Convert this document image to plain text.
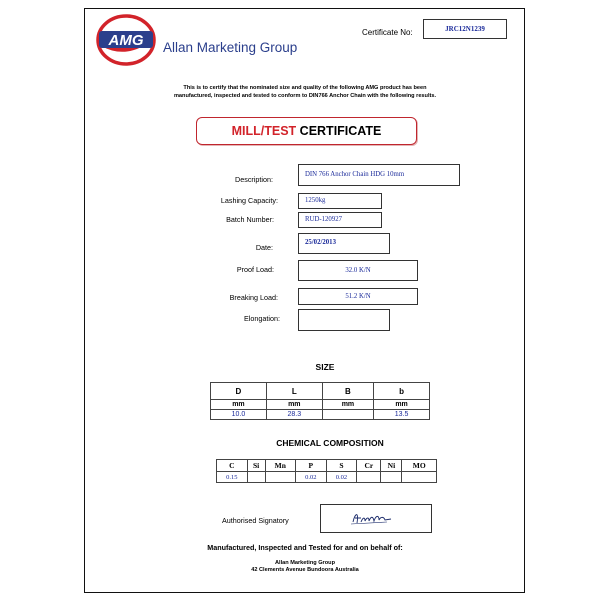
AMG Allan Marketing Group
Certificate No:	JRC12N1239
This is to certify that the nominated size and quality of the following AMG product has been
manufactured, inspected and tested to conform to DIN766 Anchor Chain with the following results.
MILL/TEST CERTIFICATE
Description:
DIN 766 Anchor Chain HDG 10mm
Lashing Capacity:	1250kg
Batch Number:	RUD-120927
Date:
25/02/2013
Proof Load:	32.0 K/N
Breaking Load:	51.2 K/N
Elongation:
SIZE
D	L	B	b
mm	mm	mm	mm
10.0	28.3		13.5
CHEMICAL COMPOSITION
C	Si	Mn	P	S	Cr	Ni	MO
0.15			0.02	0.02			
Authorised Signatory
Manufactured, Inspected and Tested for and on behalf of:
Allan Marketing Group
42 Clements Avenue Bundoora Australia
